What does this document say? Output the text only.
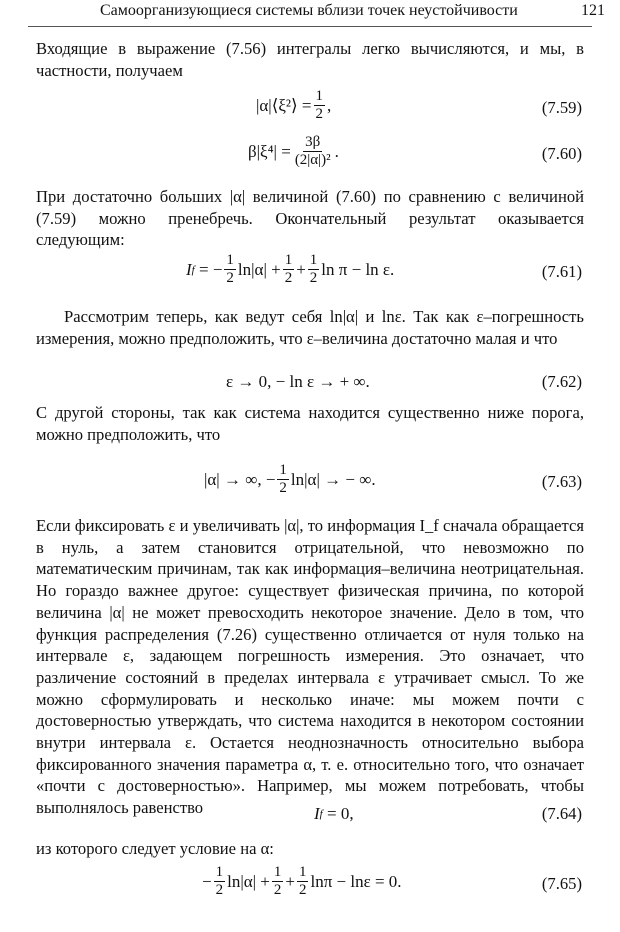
Самоорганизующиеся системы вблизи точек неустойчивости	121
Входящие в выражение (7.56) интегралы легко вычисляются, и мы, в частности, получаем
|α|⟨ξ²⟩ = $\frac{1}{2}$ ,	(7.59)
$\beta|\xi^4| = \frac{3\beta}{\text{(2|α|)²}}$ .	(7.60)
При достаточно больших |α| величиной (7.60) по сравнению с величиной (7.59) можно пренебречь. Окончательный результат оказывается следующим:
I f
= − $\frac{1}{2} \ln|\alpha| + \frac{1}{2} + \frac{1}{2}$ ln π − ln ε.	(7.61)
Рассмотрим теперь, как ведут себя ln|α| и lnε. Так как ε–погрешность измерения, можно предположить, что ε–величина достаточно малая и что
ε → 0, − ln ε → + ∞.	(7.62)
С другой стороны, так как система находится существенно ниже порога, можно предположить, что
|α| → ∞, − $\frac{1}{2} \ln|\alpha|$ → − ∞.	(7.63)
Если фиксировать ε и увеличивать |α|, то информация I_f сначала обращается в нуль, а затем становится отрицательной, что невозможно по математическим причинам, так как информация–величина неотрицательная. Но гораздо важнее другое: существует физическая причина, по которой величина |α| не может превосходить некоторое значение. Дело в том, что функция распределения (7.26) существенно отличается от нуля только на интервале ε, задающем погрешность измерения. Это означает, что различение состояний в пределах интервала ε утрачивает смысл. То же можно сформулировать и несколько иначе: мы можем почти с достоверностью утверждать, что система находится в некотором состоянии внутри интервала ε. Остается неоднозначность относительно выбора фиксированного значения параметра α, т. е. относительно того, что означает «почти с достоверностью». Например, мы можем потребовать, чтобы выполнялось равенство	I f
= 0,	(7.64)
из которого следует условие на α:
− $\frac{1}{2} \ln|\alpha| + \frac{1}{2} + \frac{1}{2}$ lnπ − lnε = 0.	(7.65)
